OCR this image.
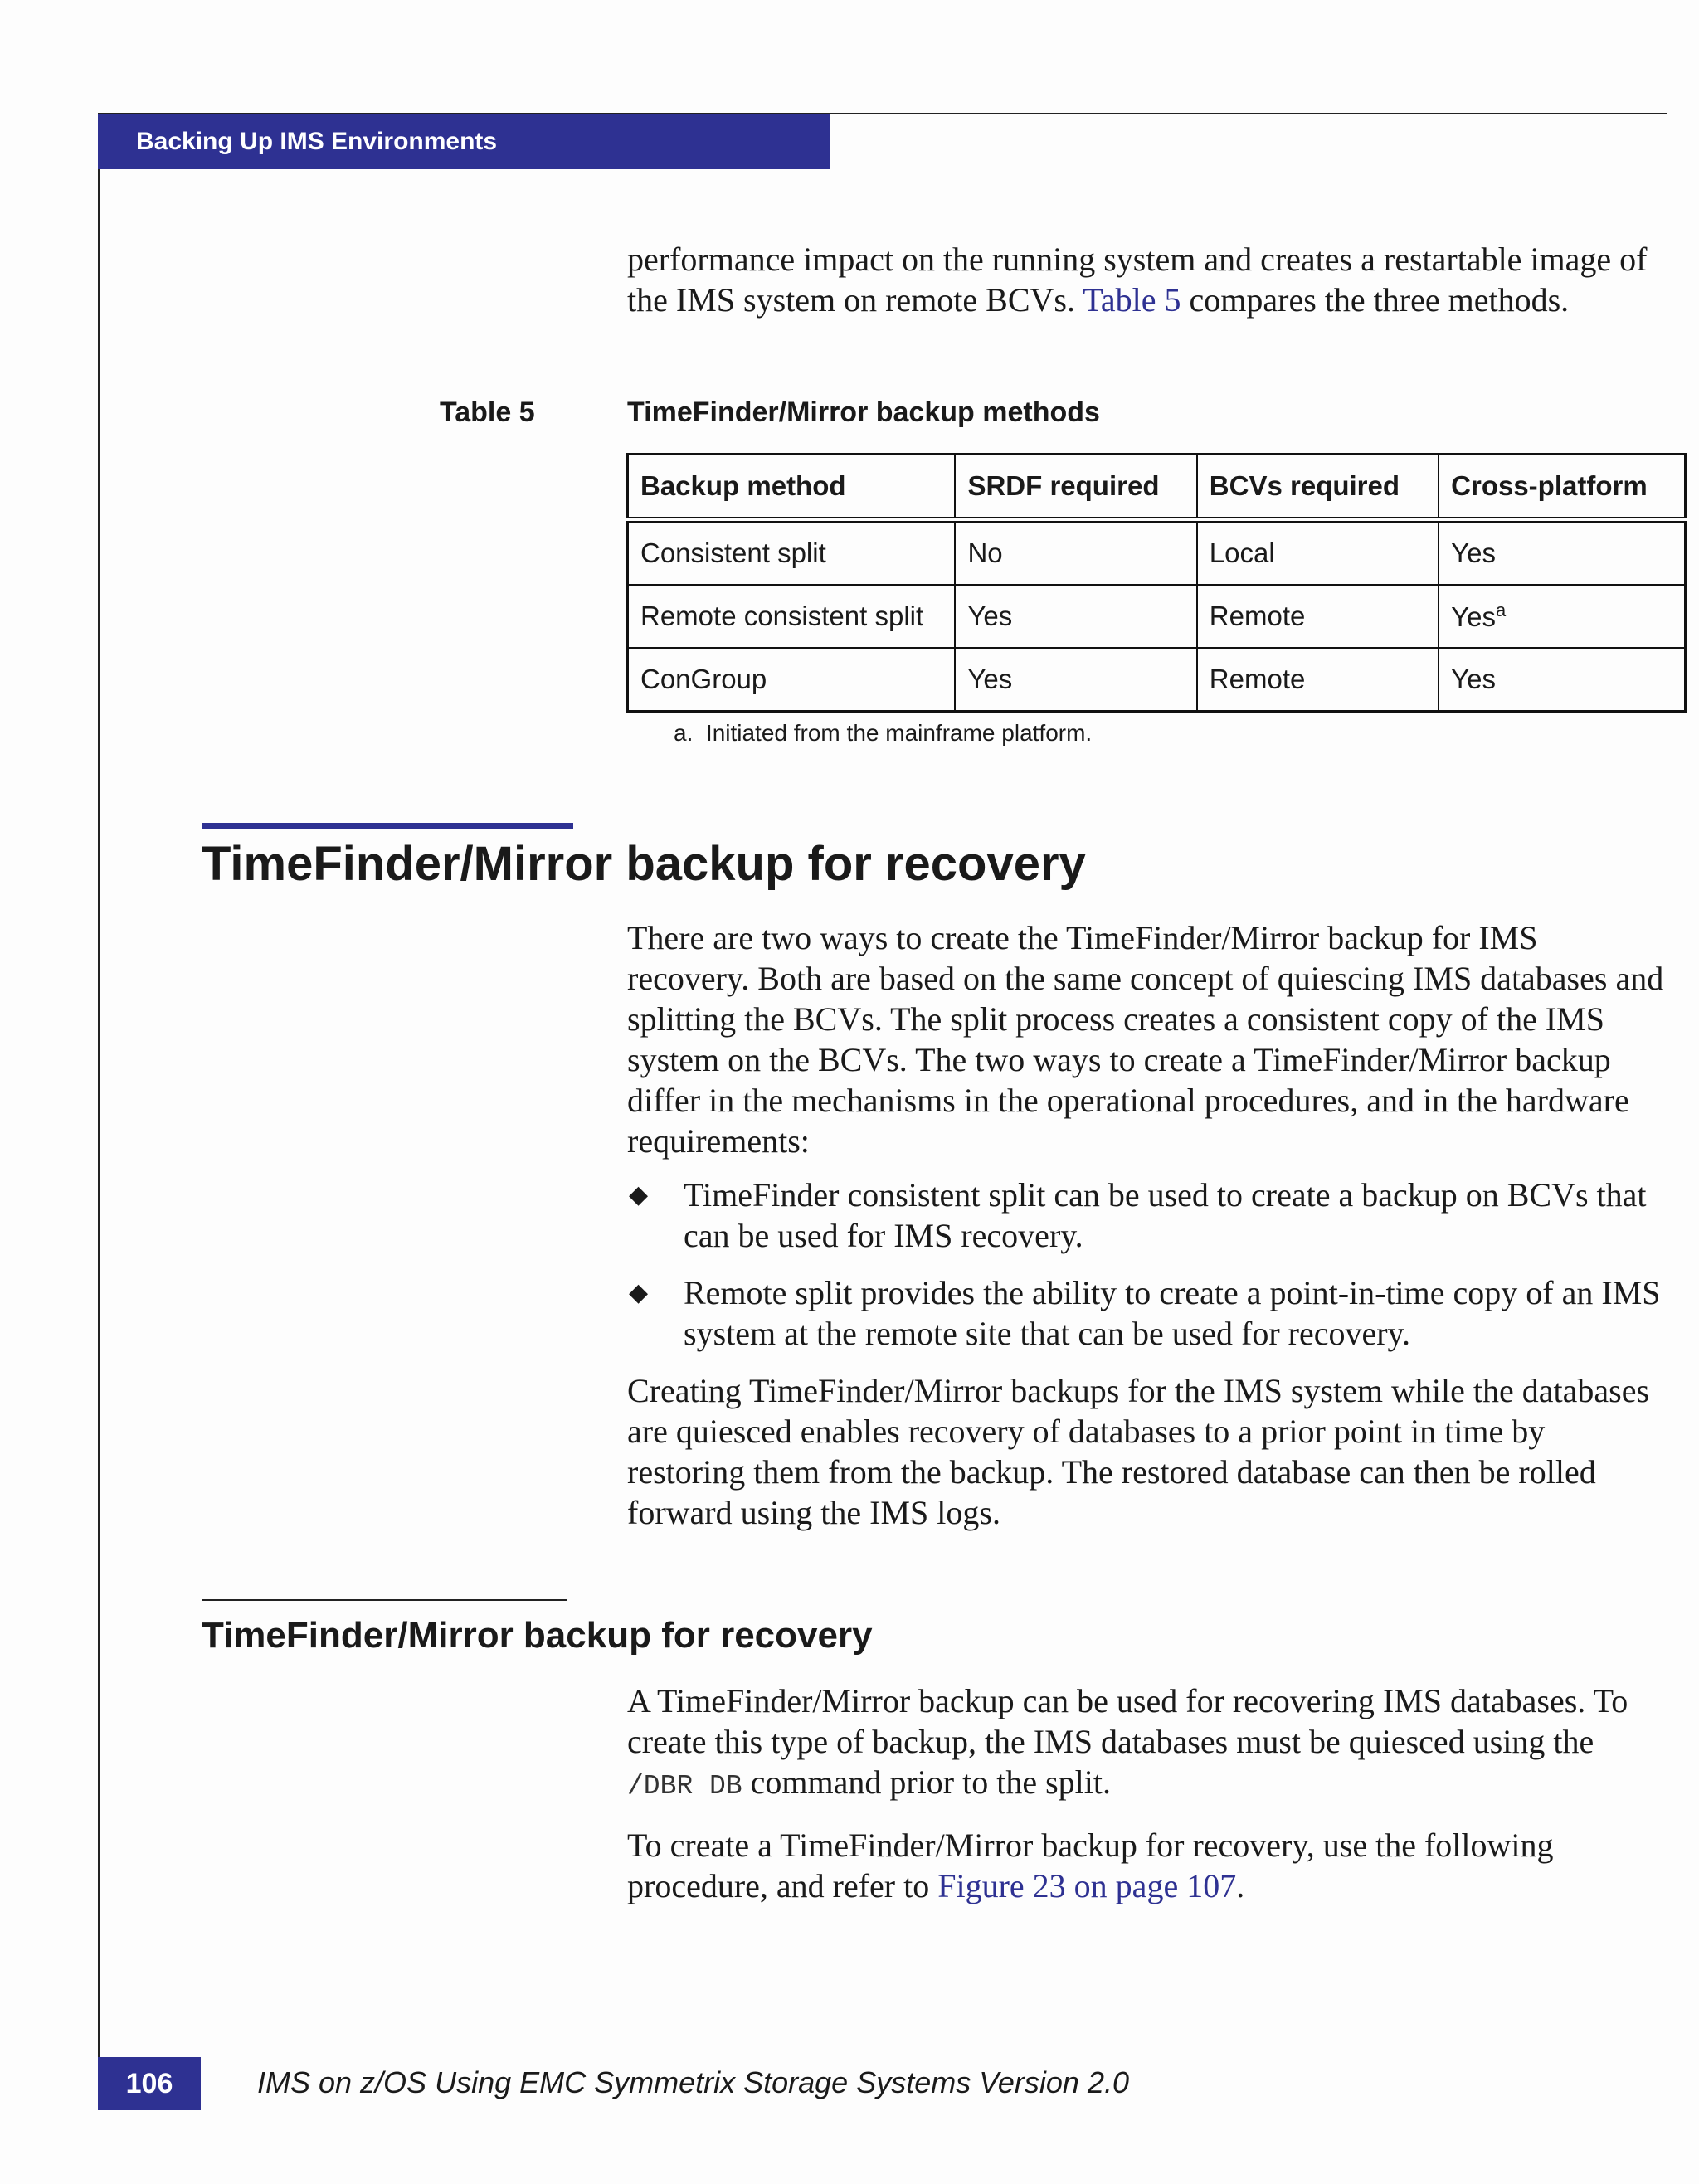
Backing Up IMS Environments

performance impact on the running system and creates a restartable image of the IMS system on remote BCVs. Table 5 compares the three methods.

Table 5	TimeFinder/Mirror backup methods
Backup method	SRDF required	BCVs required	Cross-platform
Consistent split	No	Local	Yes
Remote consistent split	Yes	Remote	Yes$^a$
ConGroup	Yes	Remote	Yes
a.  Initiated from the mainframe platform.
TimeFinder/Mirror backup for recovery

There are two ways to create the TimeFinder/Mirror backup for IMS recovery. Both are based on the same concept of quiescing IMS databases and splitting the BCVs. The split process creates a consistent copy of the IMS system on the BCVs. The two ways to create a TimeFinder/Mirror backup differ in the mechanisms in the operational procedures, and in the hardware requirements:

◆ TimeFinder consistent split can be used to create a backup on BCVs that can be used for IMS recovery.
◆ Remote split provides the ability to create a point-in-time copy of an IMS system at the remote site that can be used for recovery.

Creating TimeFinder/Mirror backups for the IMS system while the databases are quiesced enables recovery of databases to a prior point in time by restoring them from the backup. The restored database can then be rolled forward using the IMS logs.

TimeFinder/Mirror backup for recovery

A TimeFinder/Mirror backup can be used for recovering IMS databases. To create this type of backup, the IMS databases must be quiesced using the /DBR DB command prior to the split.

To create a TimeFinder/Mirror backup for recovery, use the following procedure, and refer to Figure 23 on page 107.

106	IMS on z/OS Using EMC Symmetrix Storage Systems Version 2.0
